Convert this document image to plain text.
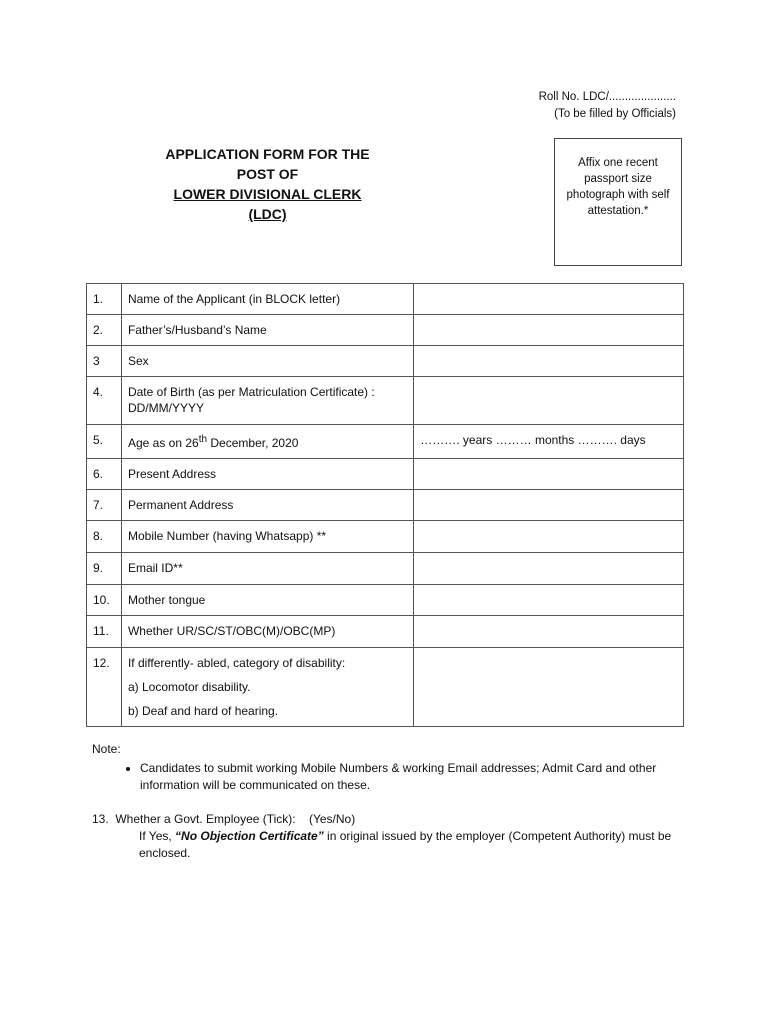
Roll No. LDC/.....................
(To be filled by Officials)
APPLICATION FORM FOR THE POST OF
LOWER DIVISIONAL CLERK (LDC)
Affix one recent passport size photograph with self attestation.*
1.	Name of the Applicant (in BLOCK letter)	
2.	Father’s/Husband’s Name	
3	Sex	
4.	Date of Birth (as per Matriculation Certificate) : DD/MM/YYYY	
5.	Age as on 26th December, 2020	………. years ……… months ………. days
6.	Present Address	
7.	Permanent Address	
8.	Mobile Number (having Whatsapp) **	
9.	Email ID**	
10.	Mother tongue	
11.	Whether UR/SC/ST/OBC(M)/OBC(MP)	
12.	If differently- abled, category of disability:
a) Locomotor disability.
b) Deaf and hard of hearing.	

Note:
• Candidates to submit working Mobile Numbers & working Email addresses; Admit Card and other information will be communicated on these.
13.  Whether a Govt. Employee (Tick):    (Yes/No)
If Yes, “No Objection Certificate” in original issued by the employer (Competent Authority) must be enclosed.
